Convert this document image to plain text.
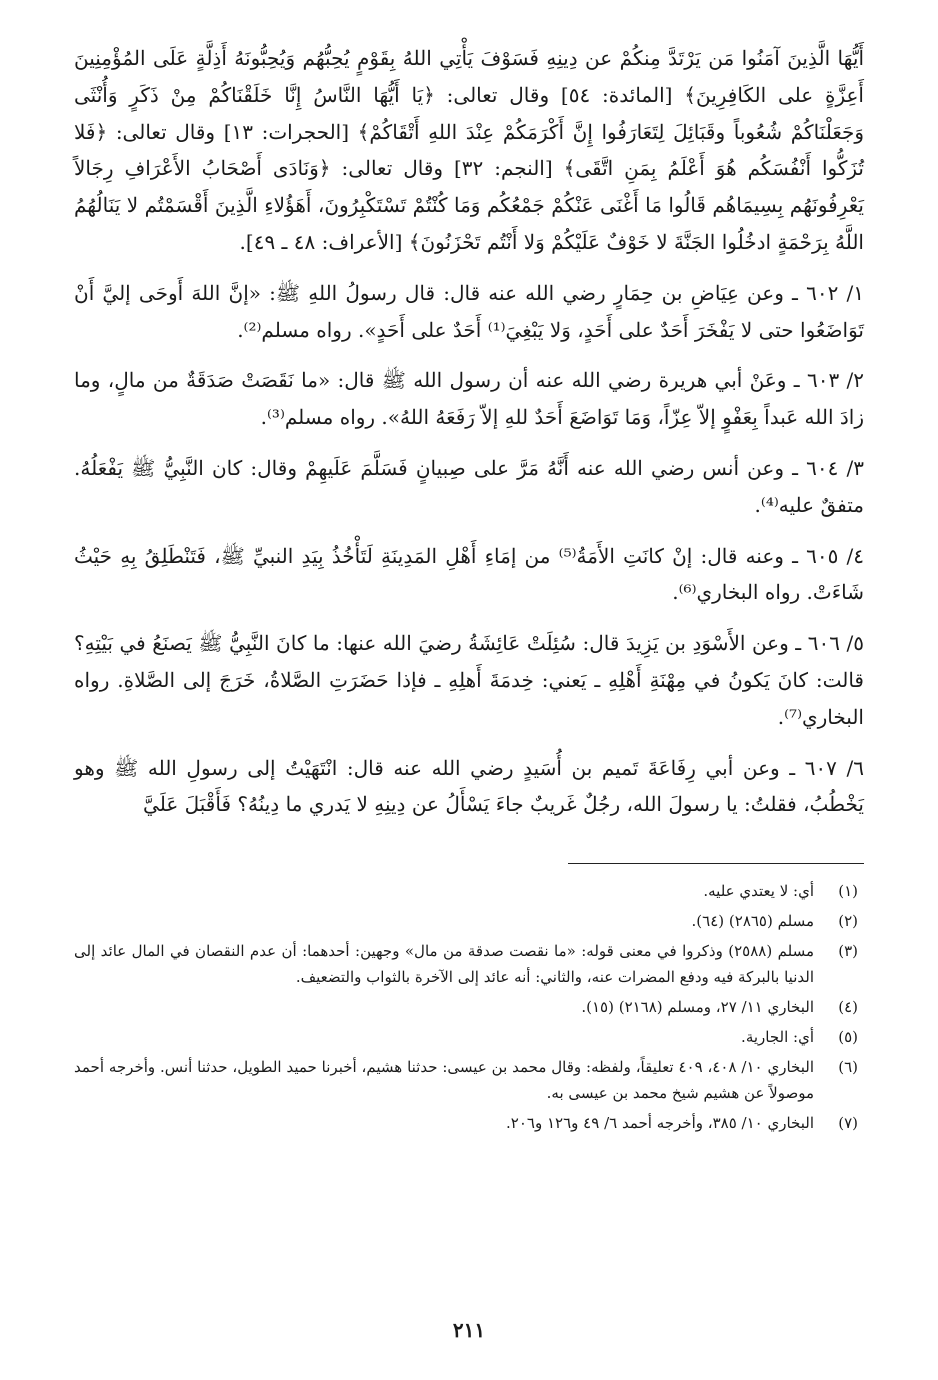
أَيُّهَا الَّذِينَ آمَنُوا مَن يَرْتَدَّ مِنكُمْ عن دِينِهِ فَسَوْفَ يَأْتِي اللهُ بِقَوْمٍ يُحِبُّهُم وَيُحِبُّونَهُ أَذِلَّةٍ عَلَى المُؤْمِنِينَ أَعِزَّةٍ على الكَافِرِينَ﴾ [المائدة: ٥٤] وقال تعالى: ﴿يَا أَيُّهَا النَّاسُ إِنَّا خَلَقْنَاكُمْ مِنْ ذَكَرٍ وَأُنْثَى وَجَعَلْنَاكُمْ شُعُوباً وقَبَائِلَ لِتَعَارَفُوا إِنَّ أَكْرَمَكُمْ عِنْدَ اللهِ أَتْقَاكُمْ﴾ [الحجرات: ١٣] وقال تعالى: ﴿فَلا تُزَكُّوا أَنْفُسَكُم هُوَ أَعْلَمُ بِمَنِ اتَّقَى﴾ [النجم: ٣٢] وقال تعالى: ﴿وَنَادَى أَصْحَابُ الأَعْرَافِ رِجَالاً يَعْرِفُونَهُم بِسِيمَاهُم قَالُوا مَا أَغْنَى عَنْكُمْ جَمْعُكُم وَمَا كُنْتُمْ تَسْتَكْبِرُونَ، أَهَؤُلاءِ الَّذِينَ أَقْسَمْتُم لا يَنَالُهُمُ اللَّهُ بِرَحْمَةٍ ادخُلُوا الجَنَّةَ لا خَوْفٌ عَلَيْكُمْ وَلا أَنْتُم تَحْزَنُونَ﴾ [الأعراف: ٤٨ ـ ٤٩].

١/ ٦٠٢ ـ وعن عِيَاضِ بن حِمَارٍ رضي الله عنه قال: قال رسولُ اللهِ ﷺ: «إنَّ اللهَ أَوحَى إليَّ أَنْ تَوَاضَعُوا حتى لا يَفْخَرَ أَحَدٌ على أَحَدٍ، وَلا يَبْغِيَ⁽¹⁾ أَحَدٌ على أَحَدٍ». رواه مسلم⁽²⁾.

٢/ ٦٠٣ ـ وعَنْ أبي هريرة رضي الله عنه أن رسول الله ﷺ قال: «ما نَقَصَتْ صَدَقَةٌ من مالٍ، وما زادَ الله عَبداً بِعَفْوٍ إلاّ عِزّاً، وَمَا تَوَاضَعَ أَحَدٌ للهِ إلاّ رَفَعَهُ اللهُ». رواه مسلم⁽³⁾.

٣/ ٦٠٤ ـ وعن أنس رضي الله عنه أَنَّهُ مَرَّ على صِبيانٍ فَسَلَّمَ عَلَيهِمْ وقال: كان النَّبِيُّ ﷺ يَفْعَلُهُ. متفقٌ عليه⁽⁴⁾.

٤/ ٦٠٥ ـ وعنه قال: إنْ كانَتِ الأَمَةُ⁽⁵⁾ من إمَاءِ أَهْلِ المَدِينَةِ لَتَأْخُذُ بِيَدِ النبيِّ ﷺ، فَتَنْطَلِقُ بِهِ حَيْثُ شَاءَتْ. رواه البخاري⁽⁶⁾.

٥/ ٦٠٦ ـ وعن الأَسْوَدِ بن يَزِيدَ قال: سُئِلَتْ عَائِشَةُ رضيَ الله عنها: ما كانَ النَّبِيُّ ﷺ يَصنَعُ في بَيْتِهِ؟ قالت: كانَ يَكونُ في مِهْنَةِ أَهْلِهِ ـ يَعني: خِدمَةَ أَهلِهِ ـ فإذا حَضَرَتِ الصَّلاةُ، خَرَجَ إلى الصَّلاةِ. رواه البخاري⁽⁷⁾.

٦/ ٦٠٧ ـ وعن أبي رِفَاعَةَ تَميم بن أُسَيدٍ رضي الله عنه قال: انْتَهَيْتُ إلى رسولِ الله ﷺ وهو يَخْطُبُ، فقلتُ: يا رسولَ الله، رجُلٌ غَريبٌ جاءَ يَسْأَلُ عن دِينِهِ لا يَدري ما دِينُهُ؟ فَأَقْبَلَ عَلَيَّ

(١)
أي: لا يعتدي عليه.
(٢)
مسلم (٢٨٦٥) (٦٤).
(٣)
مسلم (٢٥٨٨) وذكروا في معنى قوله: «ما نقصت صدقة من مال» وجهين: أحدهما: أن عدم النقصان في المال عائد إلى الدنيا بالبركة فيه ودفع المضرات عنه، والثاني: أنه عائد إلى الآخرة بالثواب والتضعيف.
(٤)
البخاري ١١/ ٢٧، ومسلم (٢١٦٨) (١٥).
(٥)
أي: الجارية.
(٦)
البخاري ١٠/ ٤٠٨، ٤٠٩ تعليقاً، ولفظه: وقال محمد بن عيسى: حدثنا هشيم، أخبرنا حميد الطويل، حدثنا أنس. وأخرجه أحمد موصولاً عن هشيم شيخ محمد بن عيسى به.
(٧)
البخاري ١٠/ ٣٨٥، وأخرجه أحمد ٦/ ٤٩ و١٢٦ و٢٠٦.
٢١١
